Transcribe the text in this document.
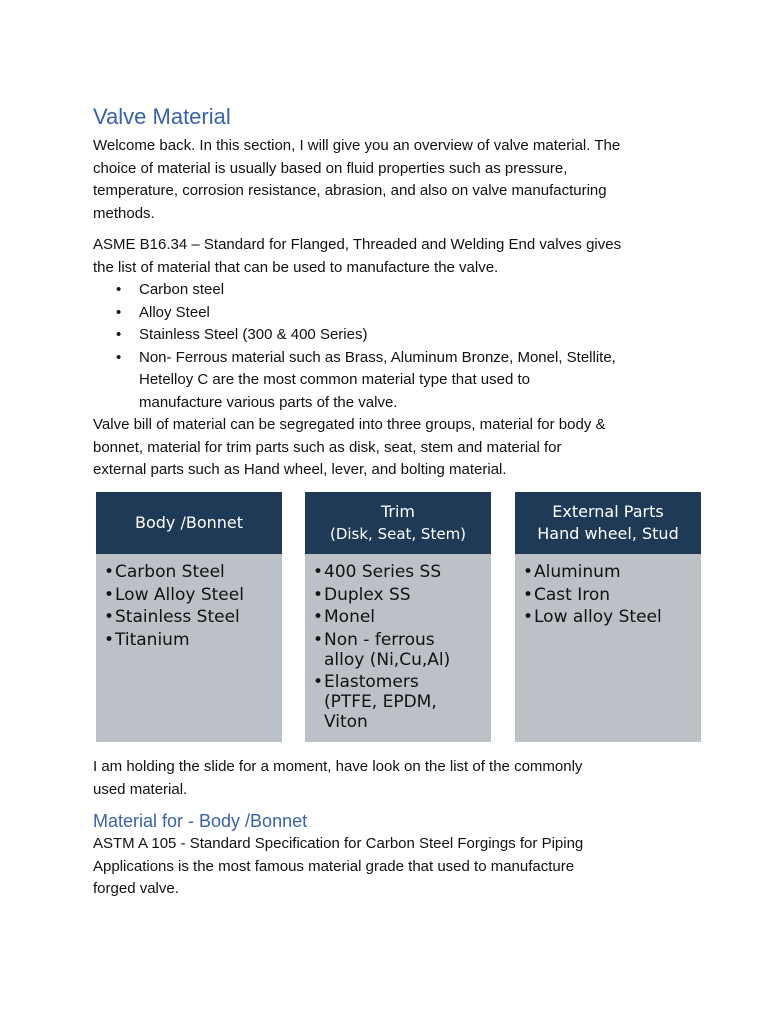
Valve Material
Welcome back. In this section, I will give you an overview of valve material. The
choice of material is usually based on fluid properties such as pressure,
temperature, corrosion resistance, abrasion, and also on valve manufacturing
methods.
ASME B16.34 – Standard for Flanged, Threaded and Welding End valves gives
the list of material that can be used to manufacture the valve.
• Carbon steel
• Alloy Steel
• Stainless Steel (300 & 400 Series)
• Non- Ferrous material such as Brass, Aluminum Bronze, Monel, Stellite,
Hetelloy C are the most common material type that used to
manufacture various parts of the valve.
Valve bill of material can be segregated into three groups, material for body &
bonnet, material for trim parts such as disk, seat, stem and material for
external parts such as Hand wheel, lever, and bolting material.
Body /Bonnet
• Carbon Steel
• Low Alloy Steel
• Stainless Steel
• Titanium
Trim
(Disk, Seat, Stem)
• 400 Series SS
• Duplex SS
• Monel
• Non - ferrous
alloy (Ni,Cu,Al)
• Elastomers
(PTFE, EPDM,
Viton
External Parts
Hand wheel, Stud
• Aluminum
• Cast Iron
• Low alloy Steel
I am holding the slide for a moment, have look on the list of the commonly
used material.
Material for - Body /Bonnet
ASTM A 105 - Standard Specification for Carbon Steel Forgings for Piping
Applications is the most famous material grade that used to manufacture
forged valve.
